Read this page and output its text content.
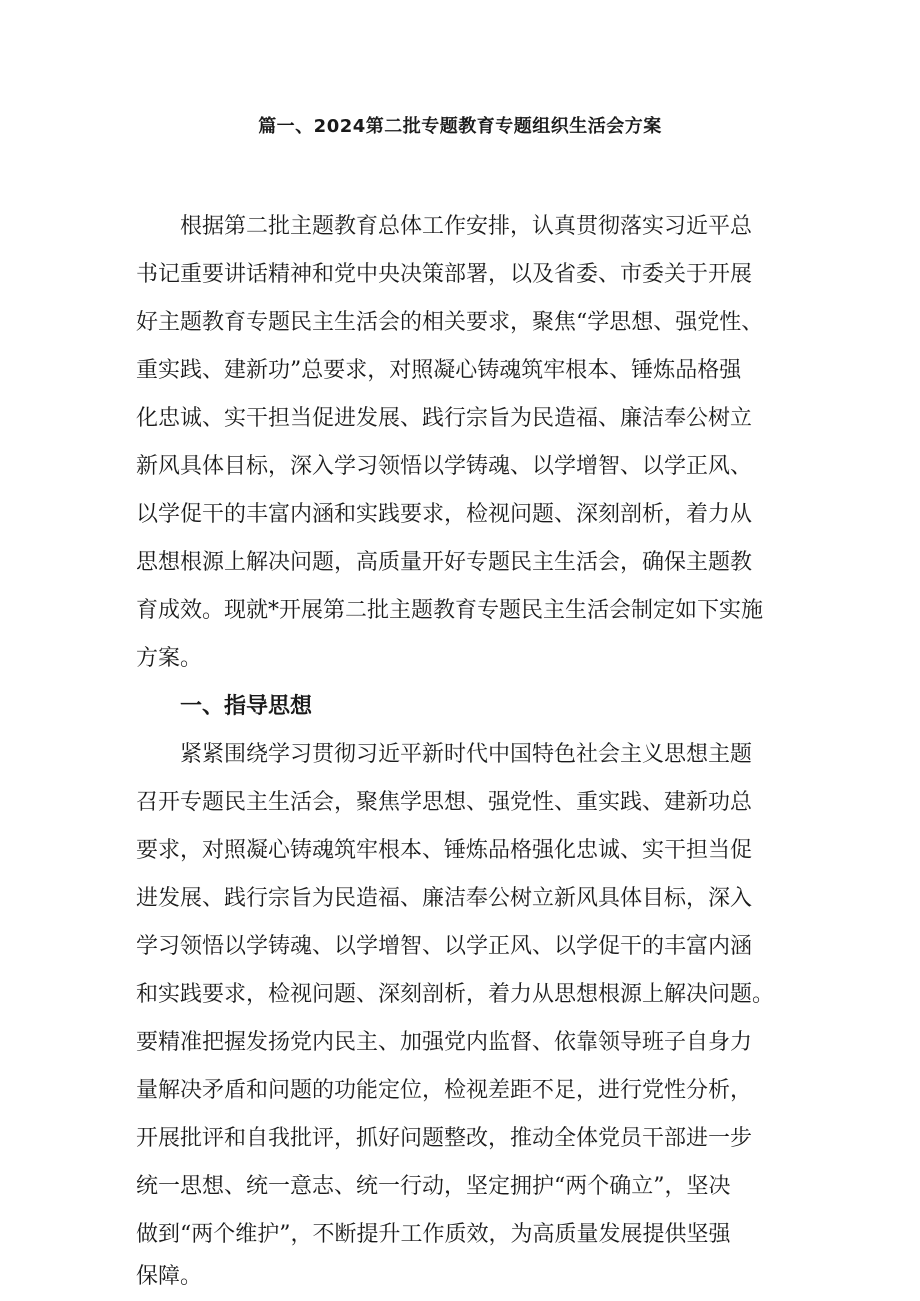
篇一、2024第二批专题教育专题组织生活会方案

根据第二批主题教育总体工作安排，认真贯彻落实习近平总

书记重要讲话精神和党中央决策部署，以及省委、市委关于开展

好主题教育专题民主生活会的相关要求，聚焦“学思想、强党性、

重实践、建新功”总要求，对照凝心铸魂筑牢根本、锤炼品格强

化忠诚、实干担当促进发展、践行宗旨为民造福、廉洁奉公树立

新风具体目标，深入学习领悟以学铸魂、以学增智、以学正风、

以学促干的丰富内涵和实践要求，检视问题、深刻剖析，着力从

思想根源上解决问题，高质量开好专题民主生活会，确保主题教

育成效。现就*开展第二批主题教育专题民主生活会制定如下实施

方案。

一、指导思想

紧紧围绕学习贯彻习近平新时代中国特色社会主义思想主题

召开专题民主生活会，聚焦学思想、强党性、重实践、建新功总

要求，对照凝心铸魂筑牢根本、锤炼品格强化忠诚、实干担当促

进发展、践行宗旨为民造福、廉洁奉公树立新风具体目标，深入

学习领悟以学铸魂、以学增智、以学正风、以学促干的丰富内涵

和实践要求，检视问题、深刻剖析，着力从思想根源上解决问题。

要精准把握发扬党内民主、加强党内监督、依靠领导班子自身力

量解决矛盾和问题的功能定位，检视差距不足，进行党性分析，

开展批评和自我批评，抓好问题整改，推动全体党员干部进一步

统一思想、统一意志、统一行动，坚定拥护“两个确立”，坚决

做到“两个维护”，不断提升工作质效，为高质量发展提供坚强

保障。
